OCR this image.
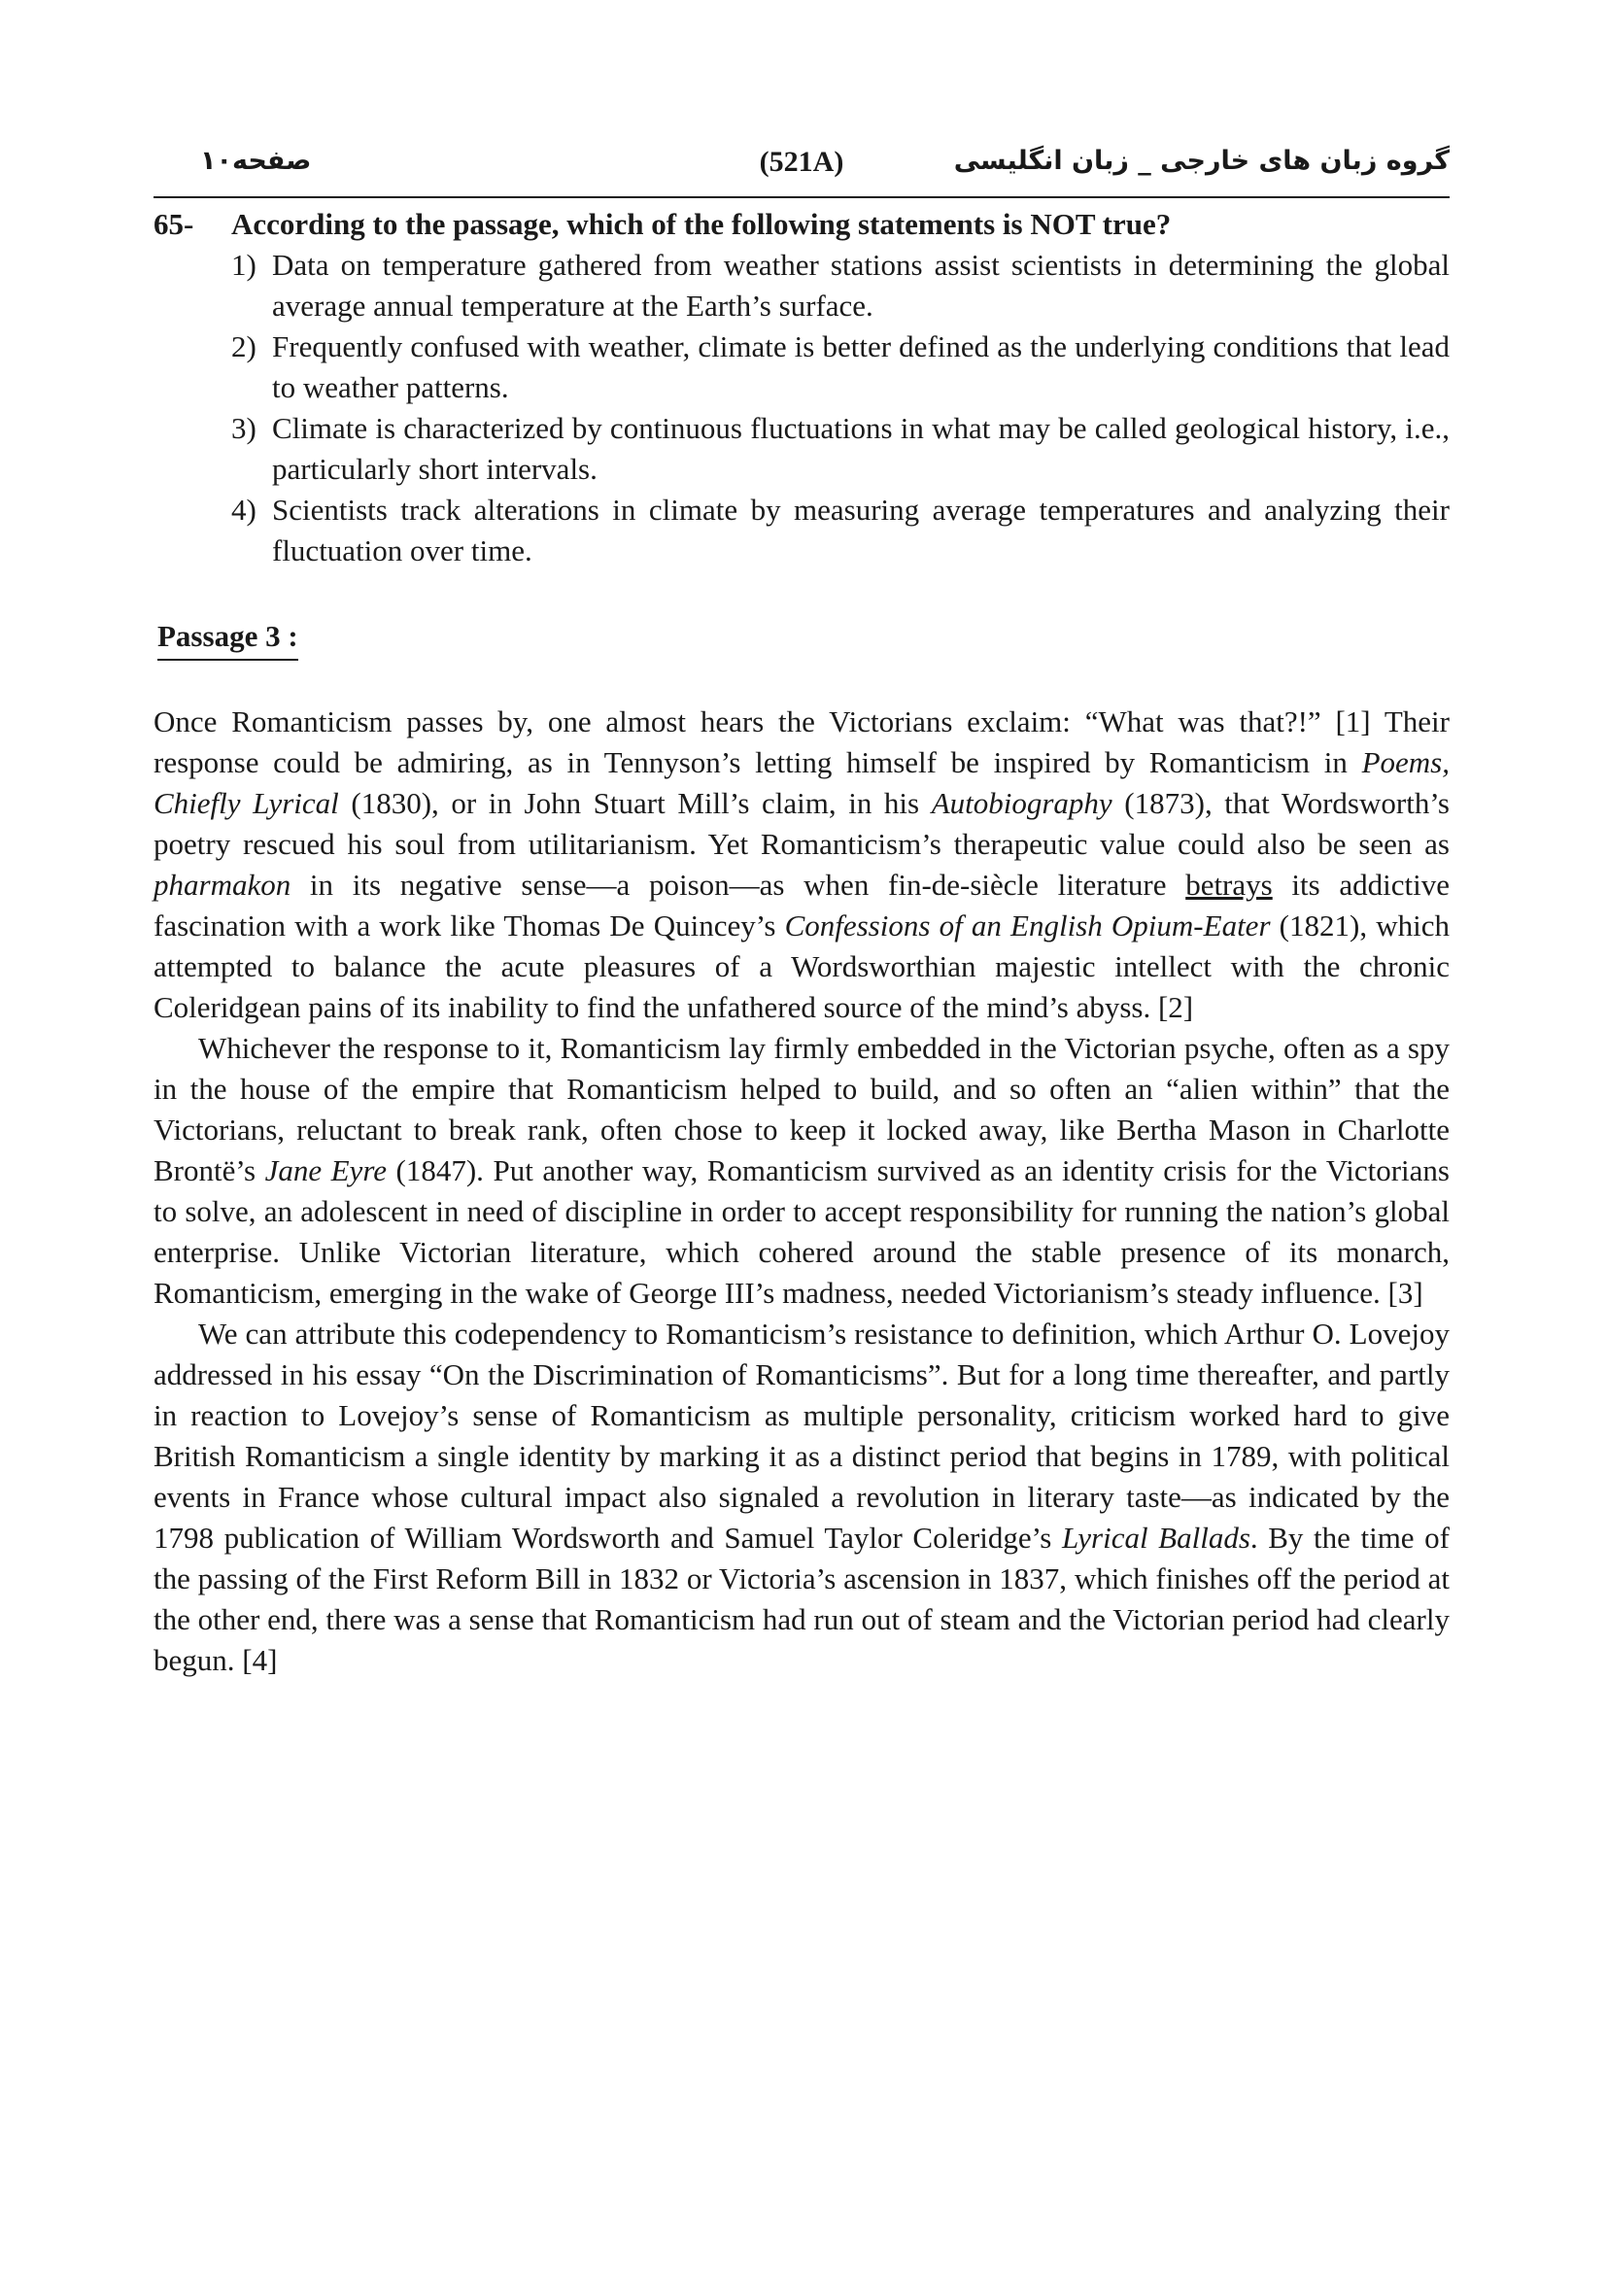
گروه زبان های خارجی _ زبان انگلیسی
(521A)
صفحه۱۰
65-	According to the passage, which of the following statements is NOT true?
1) Data on temperature gathered from weather stations assist scientists in determining the global average annual temperature at the Earth’s surface.
2) Frequently confused with weather, climate is better defined as the underlying conditions that lead to weather patterns.
3) Climate is characterized by continuous fluctuations in what may be called geological history, i.e., particularly short intervals.
4) Scientists track alterations in climate by measuring average temperatures and analyzing their fluctuation over time.
Passage 3 :

Once Romanticism passes by, one almost hears the Victorians exclaim: “What was that?!” [1] Their response could be admiring, as in Tennyson’s letting himself be inspired by Romanticism in Poems, Chiefly Lyrical (1830), or in John Stuart Mill’s claim, in his Autobiography (1873), that Wordsworth’s poetry rescued his soul from utilitarianism. Yet Romanticism’s therapeutic value could also be seen as pharmakon in its negative sense—a poison—as when fin-de-siècle literature betrays its addictive fascination with a work like Thomas De Quincey’s Confessions of an English Opium-Eater (1821), which attempted to balance the acute pleasures of a Wordsworthian majestic intellect with the chronic Coleridgean pains of its inability to find the unfathered source of the mind’s abyss. [2]

Whichever the response to it, Romanticism lay firmly embedded in the Victorian psyche, often as a spy in the house of the empire that Romanticism helped to build, and so often an “alien within” that the Victorians, reluctant to break rank, often chose to keep it locked away, like Bertha Mason in Charlotte Brontë’s Jane Eyre (1847). Put another way, Romanticism survived as an identity crisis for the Victorians to solve, an adolescent in need of discipline in order to accept responsibility for running the nation’s global enterprise. Unlike Victorian literature, which cohered around the stable presence of its monarch, Romanticism, emerging in the wake of George III’s madness, needed Victorianism’s steady influence. [3]

We can attribute this codependency to Romanticism’s resistance to definition, which Arthur O. Lovejoy addressed in his essay “On the Discrimination of Romanticisms”. But for a long time thereafter, and partly in reaction to Lovejoy’s sense of Romanticism as multiple personality, criticism worked hard to give British Romanticism a single identity by marking it as a distinct period that begins in 1789, with political events in France whose cultural impact also signaled a revolution in literary taste—as indicated by the 1798 publication of William Wordsworth and Samuel Taylor Coleridge’s Lyrical Ballads. By the time of the passing of the First Reform Bill in 1832 or Victoria’s ascension in 1837, which finishes off the period at the other end, there was a sense that Romanticism had run out of steam and the Victorian period had clearly begun. [4]
